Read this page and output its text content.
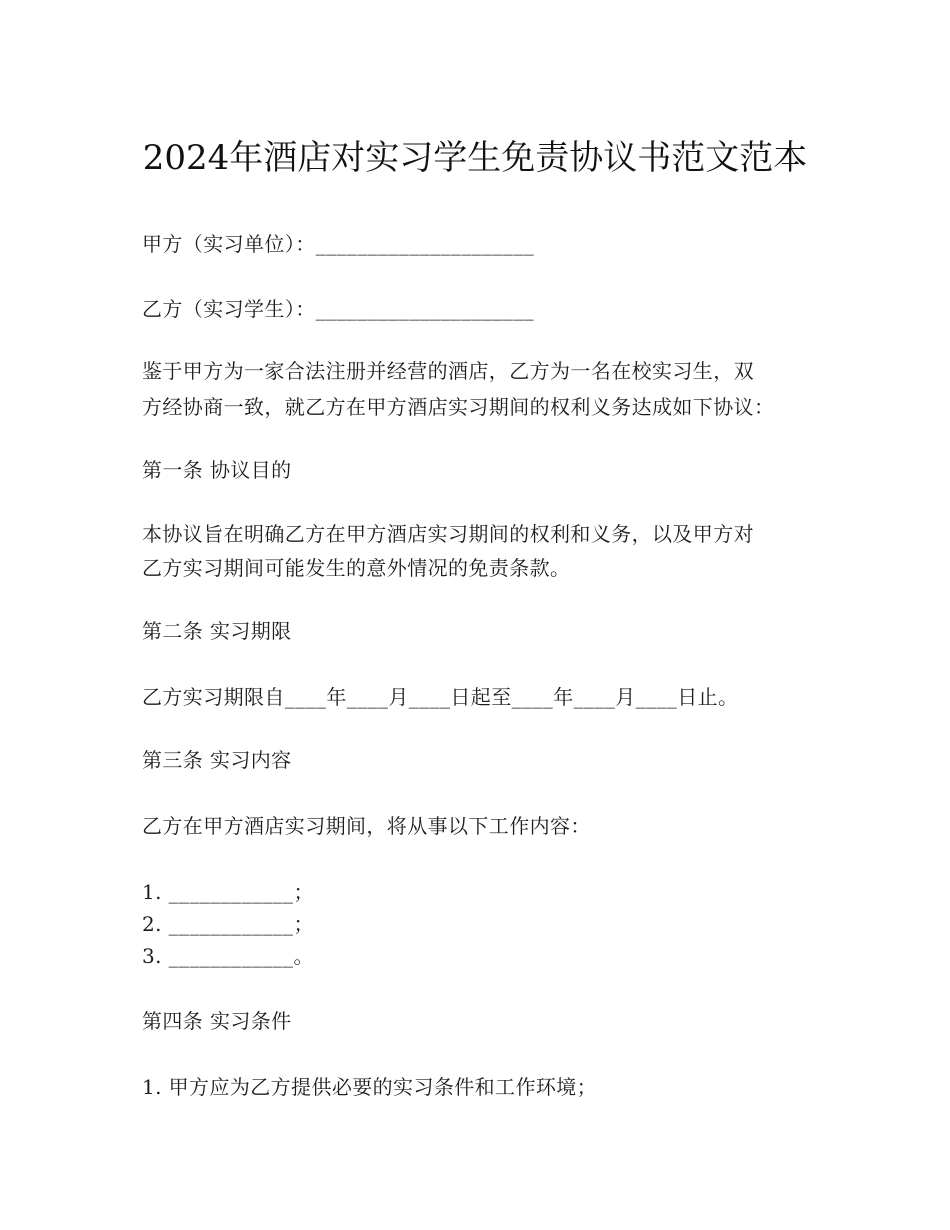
2024年酒店对实习学生免责协议书范文范本
甲方（实习单位）：_____________________
乙方（实习学生）：_____________________
鉴于甲方为一家合法注册并经营的酒店，乙方为一名在校实习生，双
方经协商一致，就乙方在甲方酒店实习期间的权利义务达成如下协议：
第一条 协议目的
本协议旨在明确乙方在甲方酒店实习期间的权利和义务，以及甲方对
乙方实习期间可能发生的意外情况的免责条款。
第二条 实习期限
乙方实习期限自____年____月____日起至____年____月____日止。
第三条 实习内容
乙方在甲方酒店实习期间，将从事以下工作内容：
1. ____________；
2. ____________；
3. ____________。
第四条 实习条件
1. 甲方应为乙方提供必要的实习条件和工作环境；
